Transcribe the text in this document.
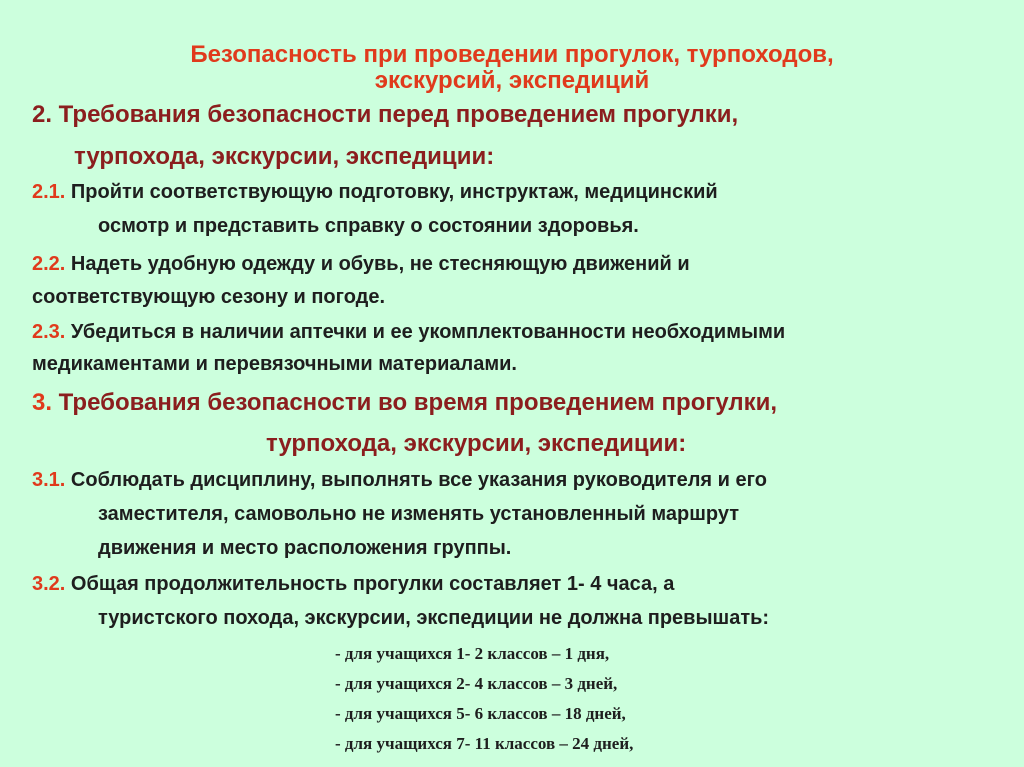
Безопасность при проведении прогулок, турпоходов,
экскурсий, экспедиций
2. Требования безопасности перед проведением прогулки,
турпохода, экскурсии, экспедиции:
2.1. Пройти соответствующую подготовку, инструктаж, медицинский
осмотр и представить справку о состоянии здоровья.
2.2. Надеть удобную одежду и обувь, не стесняющую движений и
соответствующую сезону и погоде.
2.3. Убедиться в наличии аптечки и ее укомплектованности необходимыми
медикаментами и перевязочными материалами.
3. Требования безопасности во время проведением прогулки,
турпохода, экскурсии, экспедиции:
3.1. Соблюдать дисциплину, выполнять все указания руководителя и его
заместителя, самовольно не изменять установленный маршрут
движения и место расположения группы.
3.2. Общая продолжительность прогулки составляет 1- 4 часа, а
туристского похода, экскурсии, экспедиции не должна превышать:
- для учащихся 1- 2 классов – 1 дня,
- для учащихся 2- 4 классов – 3 дней,
- для учащихся 5- 6 классов – 18 дней,
- для учащихся 7- 11 классов – 24 дней,
